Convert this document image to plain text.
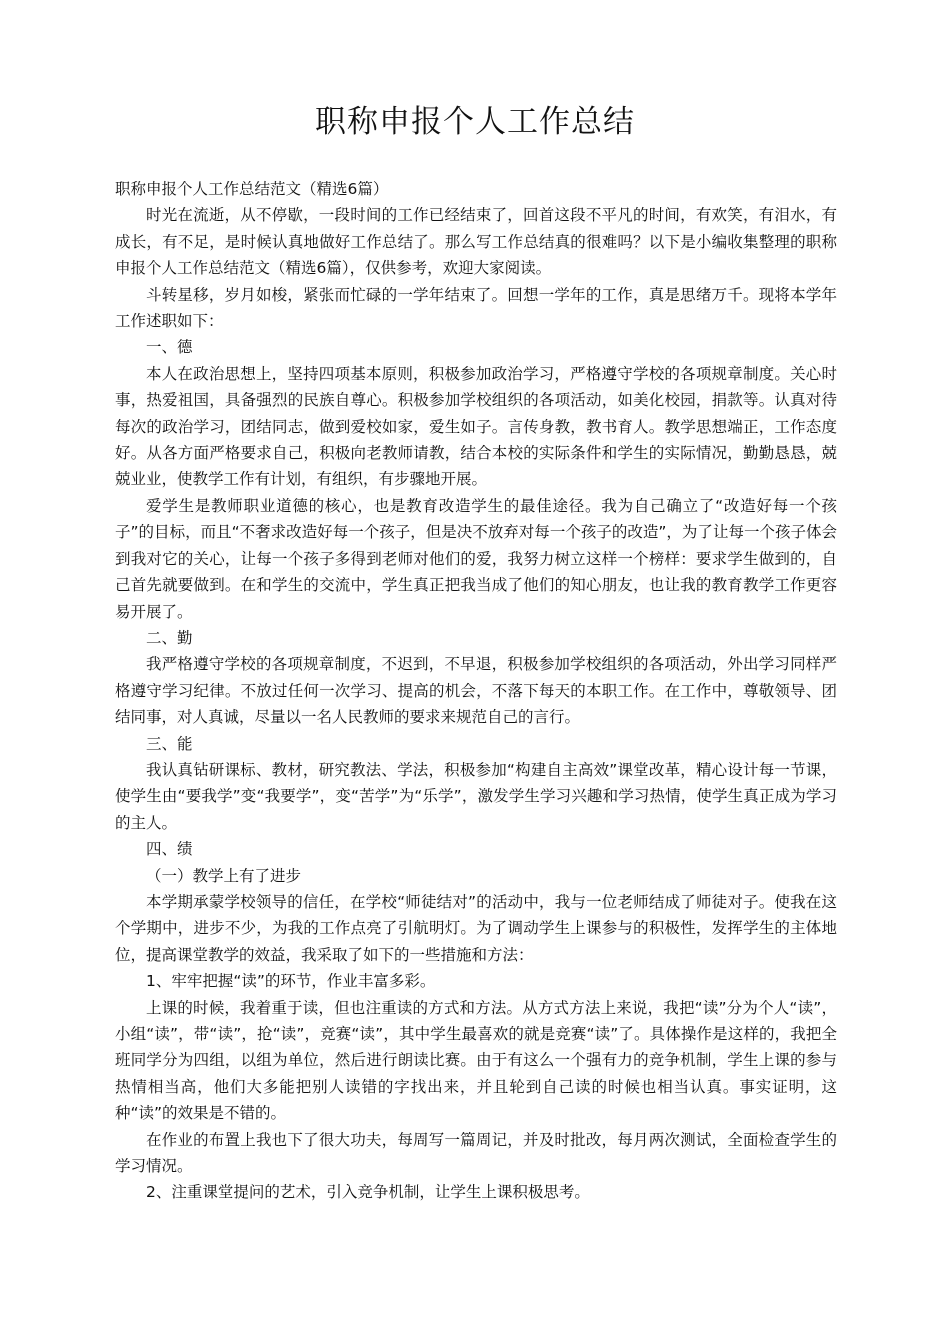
职称申报个人工作总结

职称申报个人工作总结范文（精选6篇）

时光在流逝，从不停歇，一段时间的工作已经结束了，回首这段不平凡的时间，有欢笑，有泪水，有成长，有不足，是时候认真地做好工作总结了。那么写工作总结真的很难吗？以下是小编收集整理的职称申报个人工作总结范文（精选6篇），仅供参考，欢迎大家阅读。

斗转星移，岁月如梭，紧张而忙碌的一学年结束了。回想一学年的工作，真是思绪万千。现将本学年工作述职如下：

一、德

本人在政治思想上，坚持四项基本原则，积极参加政治学习，严格遵守学校的各项规章制度。关心时事，热爱祖国，具备强烈的民族自尊心。积极参加学校组织的各项活动，如美化校园，捐款等。认真对待每次的政治学习，团结同志，做到爱校如家，爱生如子。言传身教，教书育人。教学思想端正，工作态度好。从各方面严格要求自己，积极向老教师请教，结合本校的实际条件和学生的实际情况，勤勤恳恳，兢兢业业，使教学工作有计划，有组织，有步骤地开展。

爱学生是教师职业道德的核心，也是教育改造学生的最佳途径。我为自己确立了“改造好每一个孩子”的目标，而且“不奢求改造好每一个孩子，但是决不放弃对每一个孩子的改造”，为了让每一个孩子体会到我对它的关心，让每一个孩子多得到老师对他们的爱，我努力树立这样一个榜样：要求学生做到的，自己首先就要做到。在和学生的交流中，学生真正把我当成了他们的知心朋友，也让我的教育教学工作更容易开展了。

二、勤

我严格遵守学校的各项规章制度，不迟到，不早退，积极参加学校组织的各项活动，外出学习同样严格遵守学习纪律。不放过任何一次学习、提高的机会，不落下每天的本职工作。在工作中，尊敬领导、团结同事，对人真诚，尽量以一名人民教师的要求来规范自己的言行。

三、能

我认真钻研课标、教材，研究教法、学法，积极参加“构建自主高效”课堂改革，精心设计每一节课，使学生由“要我学”变“我要学”，变“苦学”为“乐学”，激发学生学习兴趣和学习热情，使学生真正成为学习的主人。

四、绩

（一）教学上有了进步

本学期承蒙学校领导的信任，在学校“师徒结对”的活动中，我与一位老师结成了师徒对子。使我在这个学期中，进步不少，为我的工作点亮了引航明灯。为了调动学生上课参与的积极性，发挥学生的主体地位，提高课堂教学的效益，我采取了如下的一些措施和方法：

1、牢牢把握“读”的环节，作业丰富多彩。

上课的时候，我着重于读，但也注重读的方式和方法。从方式方法上来说，我把“读”分为个人“读”，小组“读”，带“读”，抢“读”，竞赛“读”，其中学生最喜欢的就是竞赛“读”了。具体操作是这样的，我把全班同学分为四组，以组为单位，然后进行朗读比赛。由于有这么一个强有力的竞争机制，学生上课的参与热情相当高，他们大多能把别人读错的字找出来，并且轮到自己读的时候也相当认真。事实证明，这种“读”的效果是不错的。

在作业的布置上我也下了很大功夫，每周写一篇周记，并及时批改，每月两次测试，全面检查学生的学习情况。

2、注重课堂提问的艺术，引入竞争机制，让学生上课积极思考。
